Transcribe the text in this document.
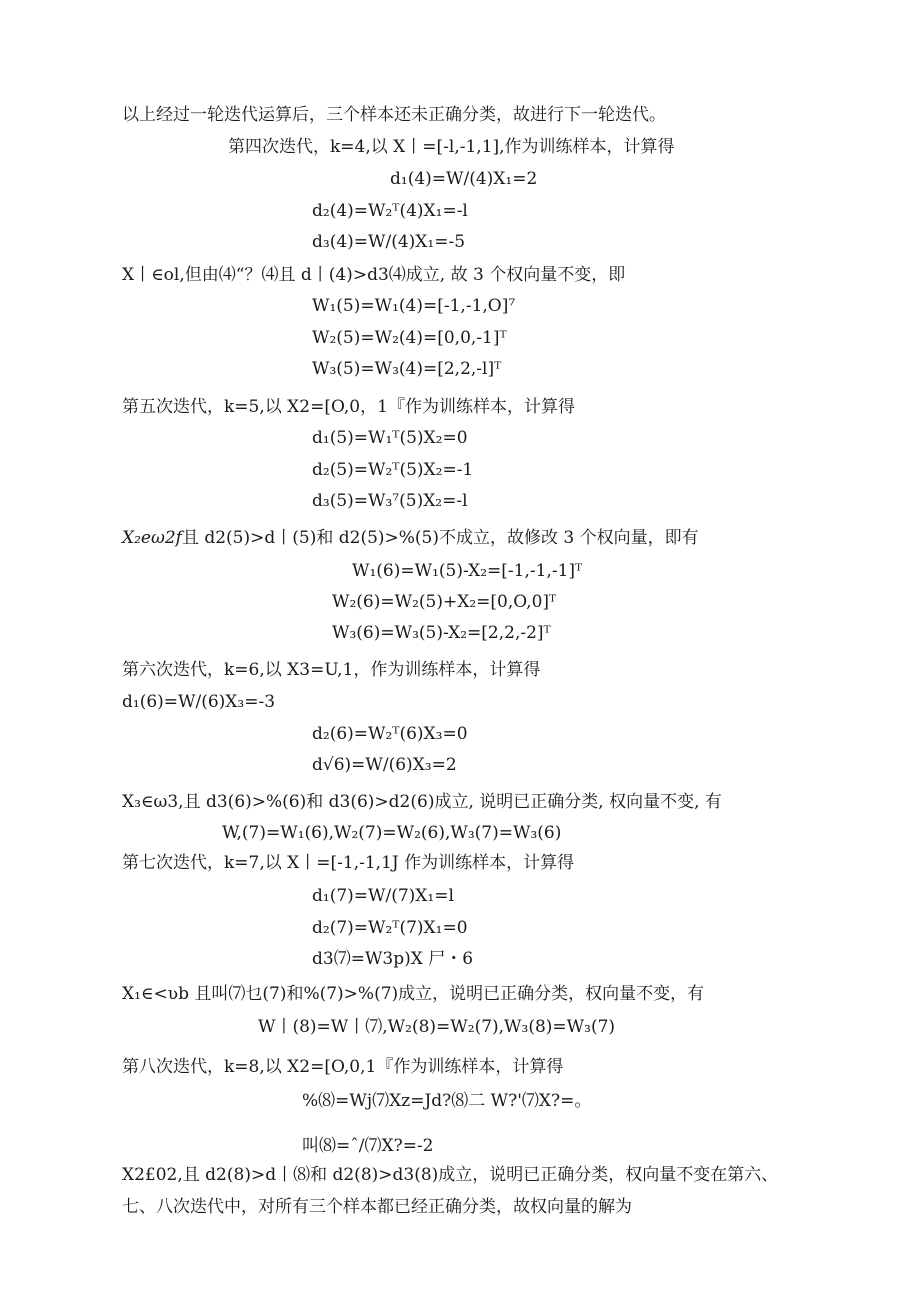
以上经过一轮迭代运算后，三个样本还未正确分类，故进行下一轮迭代。
第四次迭代，k=4,以 X丨=[-l,-1,1],作为训练样本，计算得
d₁(4)=W/(4)X₁=2
d₂(4)=W₂ᵀ(4)X₁=-l
d₃(4)=W/(4)X₁=-5
X丨∈ol,但由⑷“？⑷且 d丨(4)>d3⑷成立, 故 3 个权向量不变，即
W₁(5)=W₁(4)=[-1,-1,O]⁷
W₂(5)=W₂(4)=[0,0,-1]ᵀ
W₃(5)=W₃(4)=[2,2,-l]ᵀ
第五次迭代，k=5,以 X2=[O,0，1『作为训练样本，计算得
d₁(5)=W₁ᵀ(5)X₂=0
d₂(5)=W₂ᵀ(5)X₂=-1
d₃(5)=W₃⁷(5)X₂=-l
X₂eω2f且 d2(5)>d丨(5)和 d2(5)>%(5)不成立，故修改 3 个权向量，即有
W₁(6)=W₁(5)-X₂=[-1,-1,-1]ᵀ
W₂(6)=W₂(5)+X₂=[0,O,0]ᵀ
W₃(6)=W₃(5)-X₂=[2,2,-2]ᵀ
第六次迭代，k=6,以 X3=U,1，作为训练样本，计算得
d₁(6)=W/(6)X₃=-3
d₂(6)=W₂ᵀ(6)X₃=0
d√6)=W/(6)X₃=2
X₃∈ω3,且 d3(6)>%(6)和 d3(6)>d2(6)成立, 说明已正确分类, 权向量不变, 有
W,(7)=W₁(6),W₂(7)=W₂(6),W₃(7)=W₃(6)
第七次迭代，k=7,以 X丨=[-1,-1,1J 作为训练样本，计算得
d₁(7)=W/(7)X₁=l
d₂(7)=W₂ᵀ(7)X₁=0
d3⑺=W3p)X 尸・6
X₁∈<ʋb 且叫⑺乜(7)和%(7)>%(7)成立，说明已正确分类，权向量不变，有
W丨(8)=W丨⑺,W₂(8)=W₂(7),W₃(8)=W₃(7)
第八次迭代，k=8,以 X2=[O,0,1『作为训练样本，计算得
%⑻=Wj⑺Xz=Jd?⑻二 W?'⑺X?=。
叫⑻=ˆ/⑺X?=-2
X2£02,且 d2(8)>d丨⑻和 d2(8)>d3(8)成立，说明已正确分类，权向量不变在第六、
七、八次迭代中，对所有三个样本都已经正确分类，故权向量的解为
